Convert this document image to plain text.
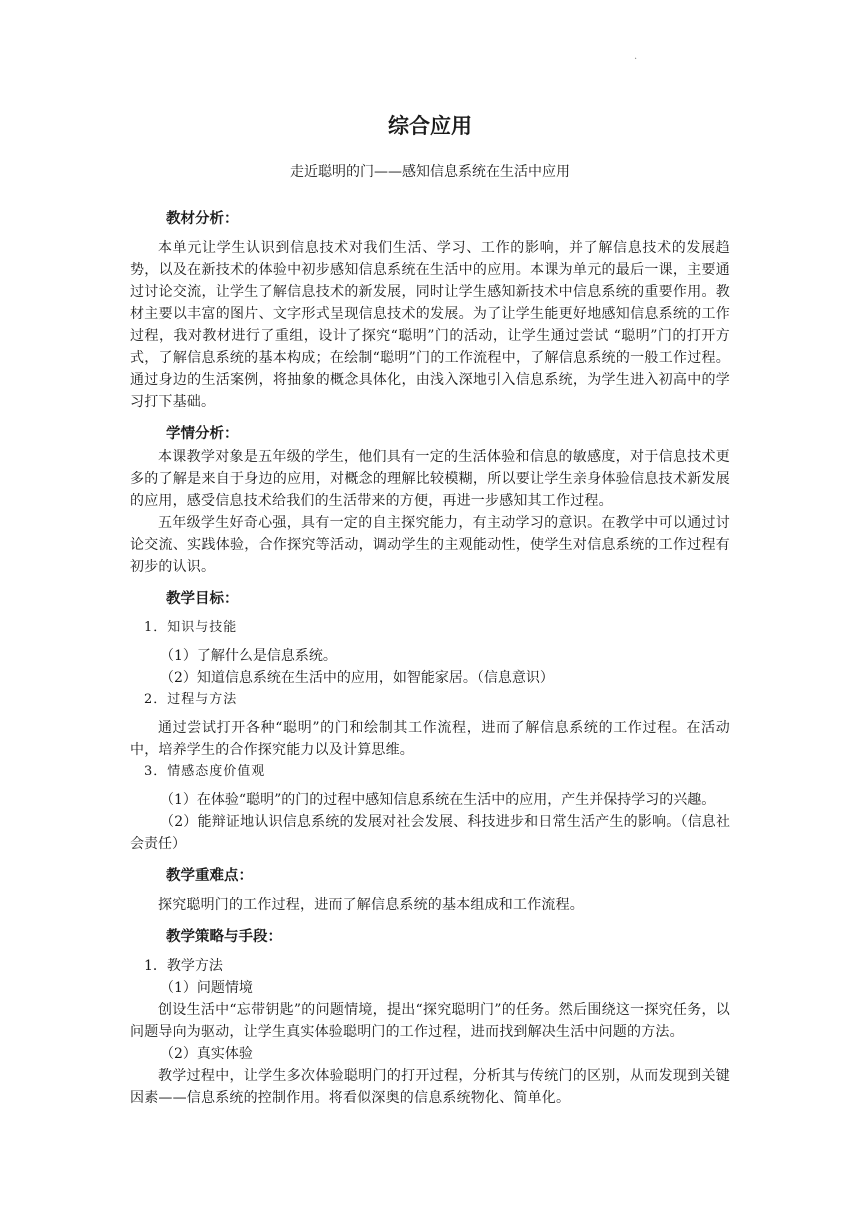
.
综合应用
走近聪明的门——感知信息系统在生活中应用
教材分析：

本单元让学生认识到信息技术对我们生活、学习、工作的影响，并了解信息技术的发展趋势，以及在新技术的体验中初步感知信息系统在生活中的应用。本课为单元的最后一课，主要通过讨论交流，让学生了解信息技术的新发展，同时让学生感知新技术中信息系统的重要作用。教材主要以丰富的图片、文字形式呈现信息技术的发展。为了让学生能更好地感知信息系统的工作过程，我对教材进行了重组，设计了探究“聪明”门的活动，让学生通过尝试 “聪明”门的打开方式，了解信息系统的基本构成；在绘制“聪明”门的工作流程中，了解信息系统的一般工作过程。通过身边的生活案例，将抽象的概念具体化，由浅入深地引入信息系统，为学生进入初高中的学习打下基础。

学情分析：

本课教学对象是五年级的学生，他们具有一定的生活体验和信息的敏感度，对于信息技术更多的了解是来自于身边的应用，对概念的理解比较模糊，所以要让学生亲身体验信息技术新发展的应用，感受信息技术给我们的生活带来的方便，再进一步感知其工作过程。

五年级学生好奇心强，具有一定的自主探究能力，有主动学习的意识。在教学中可以通过讨论交流、实践体验，合作探究等活动，调动学生的主观能动性，使学生对信息系统的工作过程有初步的认识。

教学目标：

1．知识与技能

（1）了解什么是信息系统。

（2）知道信息系统在生活中的应用，如智能家居。（信息意识）

2．过程与方法

通过尝试打开各种“聪明”的门和绘制其工作流程，进而了解信息系统的工作过程。在活动中，培养学生的合作探究能力以及计算思维。

3．情感态度价值观

（1）在体验“聪明”的门的过程中感知信息系统在生活中的应用，产生并保持学习的兴趣。

（2）能辩证地认识信息系统的发展对社会发展、科技进步和日常生活产生的影响。（信息社会责任）

教学重难点：

探究聪明门的工作过程，进而了解信息系统的基本组成和工作流程。

教学策略与手段：

1．教学方法

（1）问题情境

创设生活中“忘带钥匙”的问题情境，提出“探究聪明门”的任务。然后围绕这一探究任务，以问题导向为驱动，让学生真实体验聪明门的工作过程，进而找到解决生活中问题的方法。

（2）真实体验

教学过程中，让学生多次体验聪明门的打开过程，分析其与传统门的区别，从而发现到关键因素——信息系统的控制作用。将看似深奥的信息系统物化、简单化。
